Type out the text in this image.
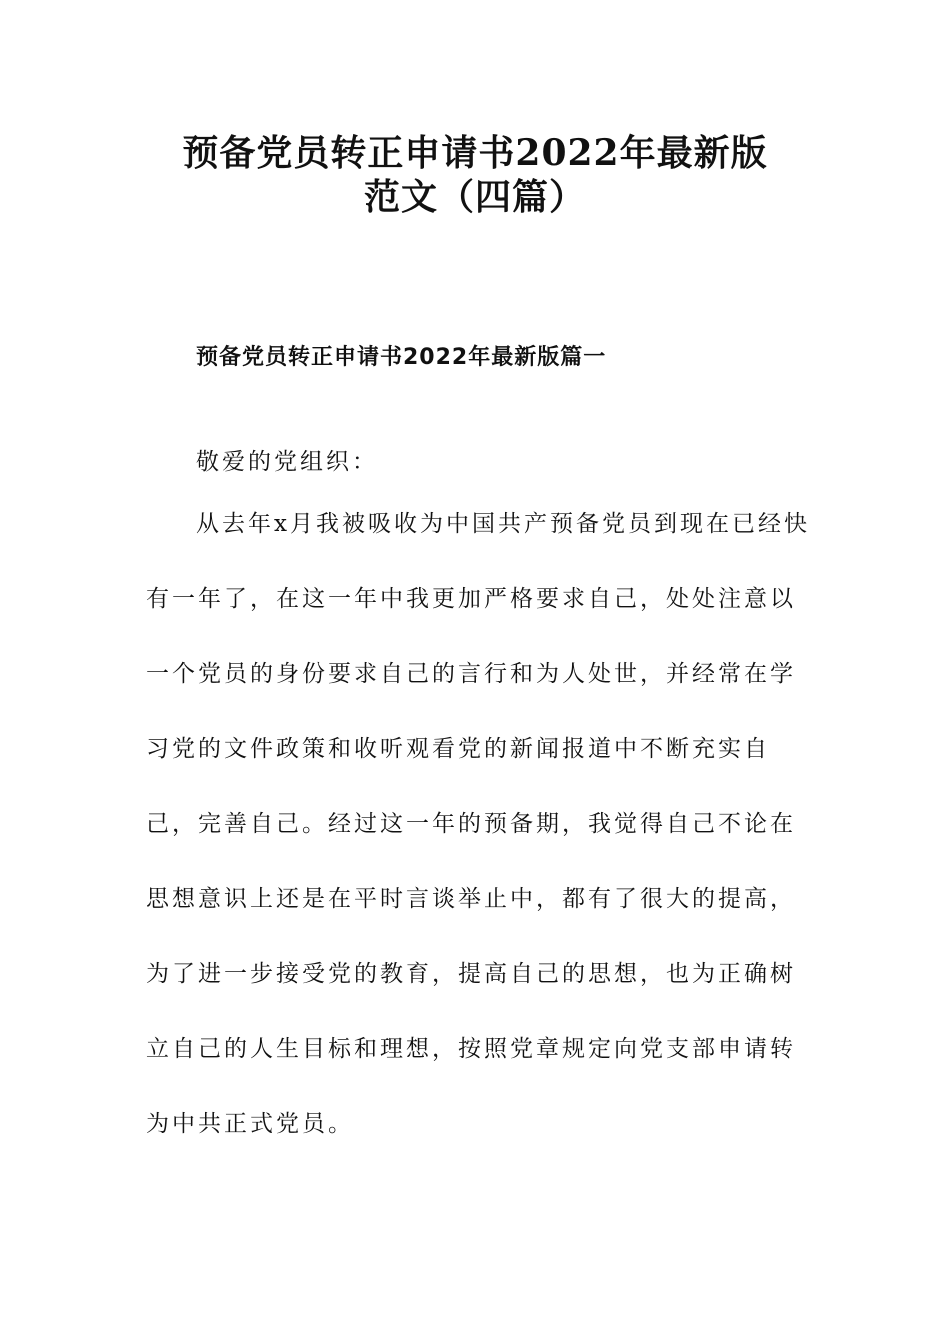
预备党员转正申请书2022年最新版
范文（四篇）
预备党员转正申请书2022年最新版篇一

敬爱的党组织：

从去年x月我被吸收为中国共产预备党员到现在已经快
有一年了，在这一年中我更加严格要求自己，处处注意以
一个党员的身份要求自己的言行和为人处世，并经常在学
习党的文件政策和收听观看党的新闻报道中不断充实自
己，完善自己。经过这一年的预备期，我觉得自己不论在
思想意识上还是在平时言谈举止中，都有了很大的提高，
为了进一步接受党的教育，提高自己的思想，也为正确树
立自己的人生目标和理想，按照党章规定向党支部申请转
为中共正式党员。
